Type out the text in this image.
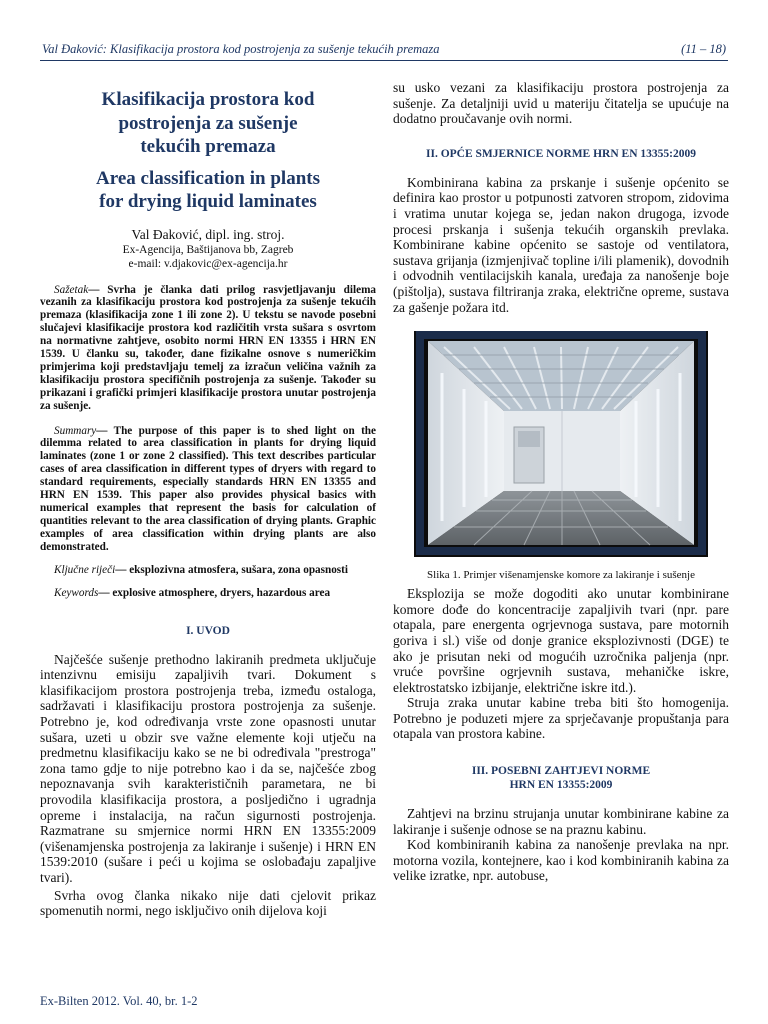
Val Đaković: Klasifikacija prostora kod postrojenja za sušenje tekućih premaza	(11 – 18)
Klasifikacija prostora kod
postrojenja za sušenje
tekućih premaza
Area classification in plants
for drying liquid laminates
Val Đaković, dipl. ing. stroj.
Ex-Agencija, Baštijanova bb, Zagreb
e-mail: v.djakovic@ex-agencija.hr

Sažetak— Svrha je članka dati prilog rasvjetljavanju dilema vezanih za klasifikaciju prostora kod postrojenja za sušenje tekućih premaza (klasifikacija zone 1 ili zone 2). U tekstu se navode posebni slučajevi klasifikacije prostora kod različitih vrsta sušara s osvrtom na normativne zahtjeve, osobito normi HRN EN 13355 i HRN EN 1539. U članku su, također, dane fizikalne osnove s numeričkim primjerima koji predstavljaju temelj za izračun veličina važnih za klasifikaciju prostora specifičnih postrojenja za sušenje. Također su prikazani i grafički primjeri klasifikacije prostora unutar postrojenja za sušenje.

Summary— The purpose of this paper is to shed light on the dilemma related to area classification in plants for drying liquid laminates (zone 1 or zone 2 classified). This text describes particular cases of area classification in different types of dryers with regard to standard requirements, especially standards HRN EN 13355 and HRN EN 1539. This paper also provides physical basics with numerical examples that represent the basis for calculation of quantities relevant to the area classification of drying plants. Graphic examples of area classification within drying plants are also demonstrated.

Ključne riječi— eksplozivna atmosfera, sušara, zona opasnosti

Keywords— explosive atmosphere, dryers, hazardous area

I. UVOD

Najčešće sušenje prethodno lakiranih predmeta uključuje intenzivnu emisiju zapaljivih tvari. Dokument s klasifikacijom prostora postrojenja treba, između ostaloga, sadržavati i klasifikaciju prostora postrojenja za sušenje. Potrebno je, kod određivanja vrste zone opasnosti unutar sušara, uzeti u obzir sve važne elemente koji utječu na predmetnu klasifikaciju kako se ne bi određivala "prestroga" zona tamo gdje to nije potrebno kao i da se, najčešće zbog nepoznavanja svih karakterističnih parametara, ne bi provodila klasifikacija prostora, a posljedično i ugradnja opreme i instalacija, na račun sigurnosti postrojenja. Razmatrane su smjernice normi HRN EN 13355:2009 (višenamjenska postrojenja za lakiranje i sušenje) i HRN EN 1539:2010 (sušare i peći u kojima se oslobađaju zapaljive tvari).

Svrha ovog članka nikako nije dati cjelovit prikaz spomenutih normi, nego isključivo onih dijelova koji

su usko vezani za klasifikaciju prostora postrojenja za sušenje. Za detaljniji uvid u materiju čitatelja se upućuje na dodatno proučavanje ovih normi.

II. OPĆE SMJERNICE NORME HRN EN 13355:2009

Kombinirana kabina za prskanje i sušenje općenito se definira kao prostor u potpunosti zatvoren stropom, zidovima i vratima unutar kojega se, jedan nakon drugoga, izvode procesi prskanja i sušenja tekućih organskih prevlaka. Kombinirane kabine općenito se sastoje od ventilatora, sustava grijanja (izmjenjivač topline i/ili plamenik), dovodnih i odvodnih ventilacijskih kanala, uređaja za nanošenje boje (pištolja), sustava filtriranja zraka, električne opreme, sustava za gašenje požara itd.

Slika 1. Primjer višenamjenske komore za lakiranje i sušenje

Eksplozija se može dogoditi ako unutar kombinirane komore dođe do koncentracije zapaljivih tvari (npr. pare otapala, pare energenta ogrjevnoga sustava, pare motornih goriva i sl.) više od donje granice eksplozivnosti (DGE) te ako je prisutan neki od mogućih uzročnika paljenja (npr. vruće površine ogrjevnih sustava, mehaničke iskre, elektrostatsko izbijanje, električne iskre itd.).

Struja zraka unutar kabine treba biti što homogenija. Potrebno je poduzeti mjere za sprječavanje propuštanja para otapala van prostora kabine.

III. POSEBNI ZAHTJEVI NORME
HRN EN 13355:2009

Zahtjevi na brzinu strujanja unutar kombinirane kabine za lakiranje i sušenje odnose se na praznu kabinu.

Kod kombiniranih kabina za nanošenje prevlaka na npr. motorna vozila, kontejnere, kao i kod kombiniranih kabina za velike izratke, npr. autobuse,

Ex-Bilten 2012. Vol. 40, br. 1-2
